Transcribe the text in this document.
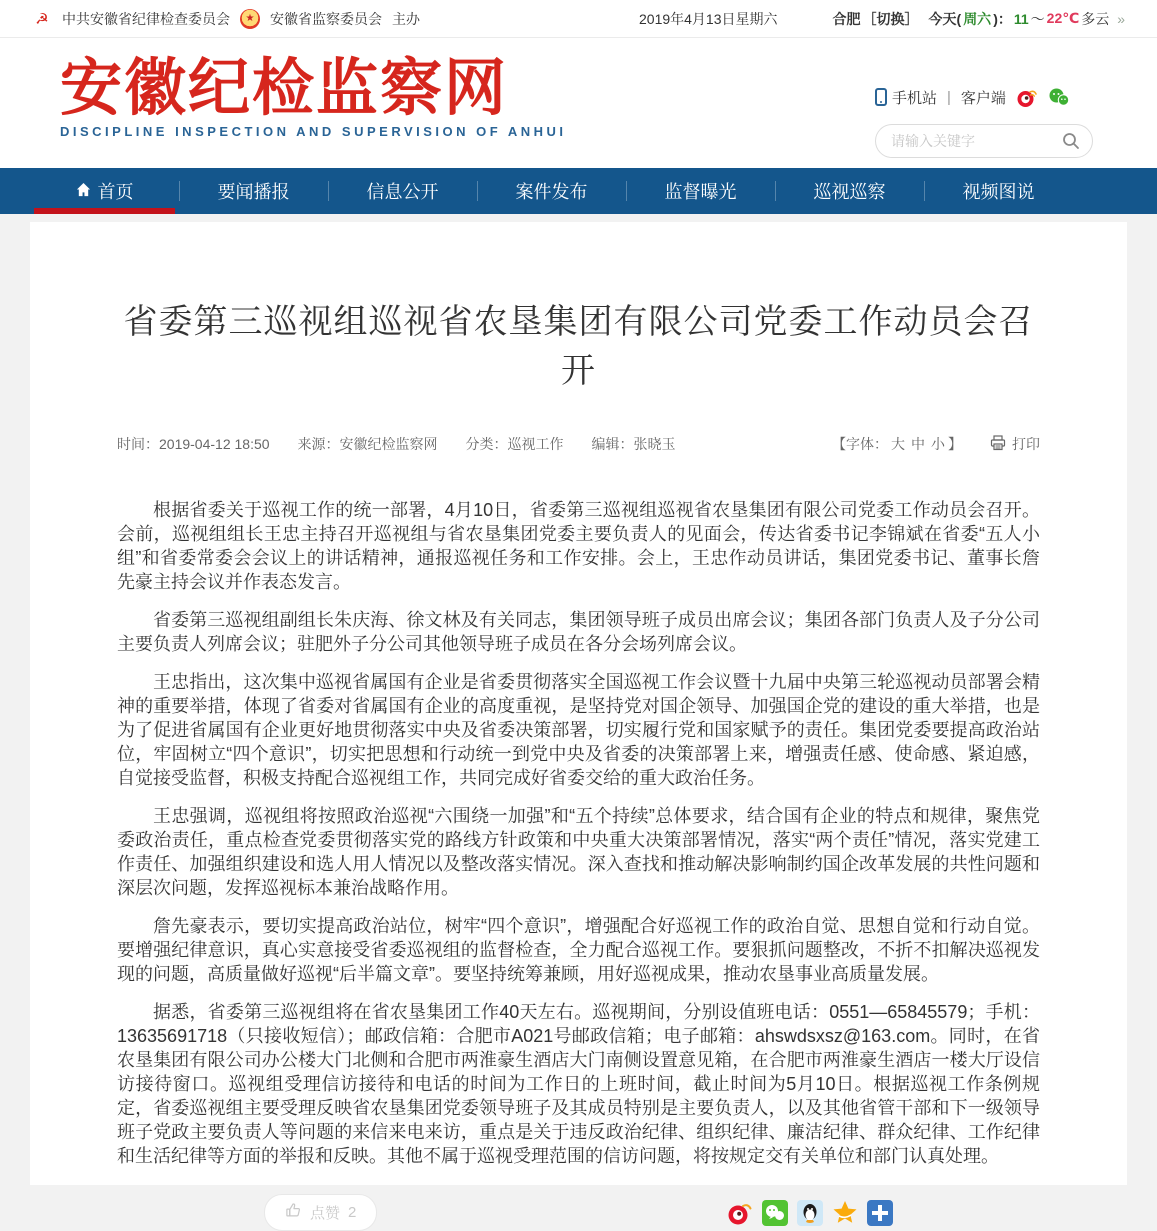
☭ 中共安徽省纪律检查委员会	★	安徽省监察委员会 主办	2019年4月13日星期六	合肥 ［切换］ 今天( 周六 )： 11 ～ 22℃ 多云 »
安徽纪检监察网
DISCIPLINE INSPECTION AND SUPERVISION OF ANHUI
手机站 | 客户端
请输入关键字
首页	要闻播报	信息公开	案件发布	监督曝光	巡视巡察	视频图说
省委第三巡视组巡视省农垦集团有限公司党委工作动员会召开
时间：2019-04-12 18:50 来源：安徽纪检监察网 分类：巡视工作 编辑：张晓玉	【字体： 大 中 小 】	打印

根据省委关于巡视工作的统一部署，4月10日，省委第三巡视组巡视省农垦集团有限公司党委工作动员会召开。会前，巡视组组长王忠主持召开巡视组与省农垦集团党委主要负责人的见面会，传达省委书记李锦斌在省委“五人小组”和省委常委会会议上的讲话精神，通报巡视任务和工作安排。会上，王忠作动员讲话，集团党委书记、董事长詹先豪主持会议并作表态发言。

省委第三巡视组副组长朱庆海、徐文林及有关同志，集团领导班子成员出席会议；集团各部门负责人及子分公司主要负责人列席会议；驻肥外子分公司其他领导班子成员在各分会场列席会议。

王忠指出，这次集中巡视省属国有企业是省委贯彻落实全国巡视工作会议暨十九届中央第三轮巡视动员部署会精神的重要举措，体现了省委对省属国有企业的高度重视，是坚持党对国企领导、加强国企党的建设的重大举措，也是为了促进省属国有企业更好地贯彻落实中央及省委决策部署，切实履行党和国家赋予的责任。集团党委要提高政治站位，牢固树立“四个意识”，切实把思想和行动统一到党中央及省委的决策部署上来，增强责任感、使命感、紧迫感，自觉接受监督，积极支持配合巡视组工作，共同完成好省委交给的重大政治任务。

王忠强调，巡视组将按照政治巡视“六围绕一加强”和“五个持续”总体要求，结合国有企业的特点和规律，聚焦党委政治责任，重点检查党委贯彻落实党的路线方针政策和中央重大决策部署情况，落实“两个责任”情况，落实党建工作责任、加强组织建设和选人用人情况以及整改落实情况。深入查找和推动解决影响制约国企改革发展的共性问题和深层次问题，发挥巡视标本兼治战略作用。

詹先豪表示，要切实提高政治站位，树牢“四个意识”，增强配合好巡视工作的政治自觉、思想自觉和行动自觉。要增强纪律意识，真心实意接受省委巡视组的监督检查，全力配合巡视工作。要狠抓问题整改，不折不扣解决巡视发现的问题，高质量做好巡视“后半篇文章”。要坚持统筹兼顾，用好巡视成果，推动农垦事业高质量发展。

据悉，省委第三巡视组将在省农垦集团工作40天左右。巡视期间，分别设值班电话：0551—65845579；手机：13635691718（只接收短信）；邮政信箱：合肥市A021号邮政信箱；电子邮箱：ahswdsxsz@163.com。同时，在省农垦集团有限公司办公楼大门北侧和合肥市两淮豪生酒店大门南侧设置意见箱，在合肥市两淮豪生酒店一楼大厅设信访接待窗口。巡视组受理信访接待和电话的时间为工作日的上班时间，截止时间为5月10日。根据巡视工作条例规定，省委巡视组主要受理反映省农垦集团党委领导班子及其成员特别是主要负责人，以及其他省管干部和下一级领导班子党政主要负责人等问题的来信来电来访，重点是关于违反政治纪律、组织纪律、廉洁纪律、群众纪律、工作纪律和生活纪律等方面的举报和反映。其他不属于巡视受理范围的信访问题，将按规定交有关单位和部门认真处理。

点赞 2
